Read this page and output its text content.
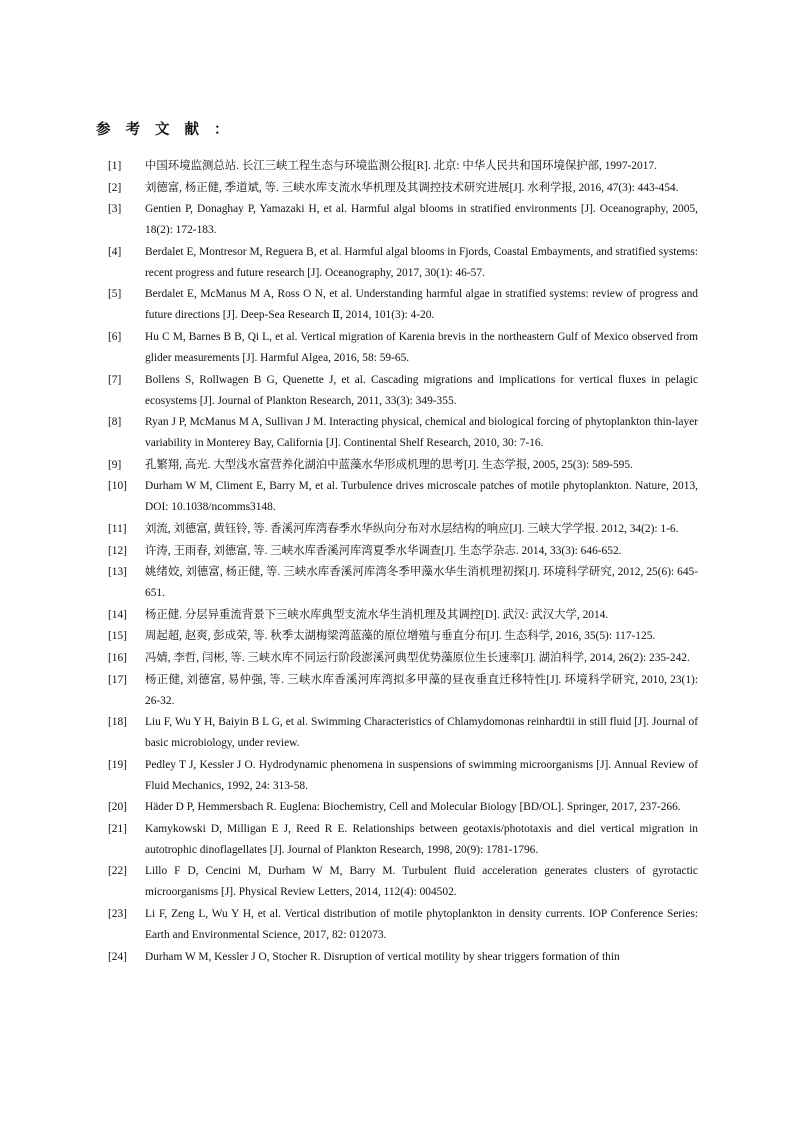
参考文献：
[1]	中国环境监测总站. 长江三峡工程生态与环境监测公报[R]. 北京: 中华人民共和国环境保护部, 1997-2017.
[2]	刘德富, 杨正健, 季道斌, 等. 三峡水库支流水华机理及其调控技术研究进展[J]. 水利学报, 2016, 47(3): 443-454.
[3]	Gentien P, Donaghay P, Yamazaki H, et al. Harmful algal blooms in stratified environments [J]. Oceanography, 2005, 18(2): 172-183.
[4]	Berdalet E, Montresor M, Reguera B, et al. Harmful algal blooms in Fjords, Coastal Embayments, and stratified systems: recent progress and future research [J]. Oceanography, 2017, 30(1): 46-57.
[5]	Berdalet E, McManus M A, Ross O N, et al. Understanding harmful algae in stratified systems: review of progress and future directions [J]. Deep-Sea Research Ⅱ, 2014, 101(3): 4-20.
[6]	Hu C M, Barnes B B, Qi L, et al. Vertical migration of Karenia brevis in the northeastern Gulf of Mexico observed from glider measurements [J]. Harmful Algea, 2016, 58: 59-65.
[7]	Bollens S, Rollwagen B G, Quenette J, et al. Cascading migrations and implications for vertical fluxes in pelagic ecosystems [J]. Journal of Plankton Research, 2011, 33(3): 349-355.
[8]	Ryan J P, McManus M A, Sullivan J M. Interacting physical, chemical and biological forcing of phytoplankton thin-layer variability in Monterey Bay, California [J]. Continental Shelf Research, 2010, 30: 7-16.
[9]	孔繁翔, 高光. 大型浅水富营养化湖泊中蓝藻水华形成机理的思考[J]. 生态学报, 2005, 25(3): 589-595.
[10]	Durham W M, Climent E, Barry M, et al. Turbulence drives microscale patches of motile phytoplankton. Nature, 2013, DOI: 10.1038/ncomms3148.
[11]	刘流, 刘德富, 黄钰铃, 等. 香溪河库湾春季水华纵向分布对水层结构的响应[J]. 三峡大学学报. 2012, 34(2): 1-6.
[12]	许涛, 王雨春, 刘德富, 等. 三峡水库香溪河库湾夏季水华调查[J]. 生态学杂志. 2014, 33(3): 646-652.
[13]	姚绪姣, 刘德富, 杨正健, 等. 三峡水库香溪河库湾冬季甲藻水华生消机理初探[J]. 环境科学研究, 2012, 25(6): 645-651.
[14]	杨正健. 分层异重流背景下三峡水库典型支流水华生消机理及其调控[D]. 武汉: 武汉大学, 2014.
[15]	周起超, 赵爽, 彭成荣, 等. 秋季太湖梅梁湾蓝藻的原位增殖与垂直分布[J]. 生态科学, 2016, 35(5): 117-125.
[16]	冯婧, 李哲, 闫彬, 等. 三峡水库不同运行阶段澎溪河典型优势藻原位生长速率[J]. 湖泊科学, 2014, 26(2): 235-242.
[17]	杨正健, 刘德富, 易仲强, 等. 三峡水库香溪河库湾拟多甲藻的昼夜垂直迁移特性[J]. 环境科学研究, 2010, 23(1): 26-32.
[18]	Liu F, Wu Y H, Baiyin B L G, et al. Swimming Characteristics of Chlamydomonas reinhardtii in still fluid [J]. Journal of basic microbiology, under review.
[19]	Pedley T J, Kessler J O. Hydrodynamic phenomena in suspensions of swimming microorganisms [J]. Annual Review of Fluid Mechanics, 1992, 24: 313-58.
[20]	Häder D P, Hemmersbach R. Euglena: Biochemistry, Cell and Molecular Biology [BD/OL]. Springer, 2017, 237-266.
[21]	Kamykowski D, Milligan E J, Reed R E. Relationships between geotaxis/phototaxis and diel vertical migration in autotrophic dinoflagellates [J]. Journal of Plankton Research, 1998, 20(9): 1781-1796.
[22]	Lillo F D, Cencini M, Durham W M, Barry M. Turbulent fluid acceleration generates clusters of gyrotactic microorganisms [J]. Physical Review Letters, 2014, 112(4): 004502.
[23]	Li F, Zeng L, Wu Y H, et al. Vertical distribution of motile phytoplankton in density currents. IOP Conference Series: Earth and Environmental Science, 2017, 82: 012073.
[24]	Durham W M, Kessler J O, Stocher R. Disruption of vertical motility by shear triggers formation of thin
